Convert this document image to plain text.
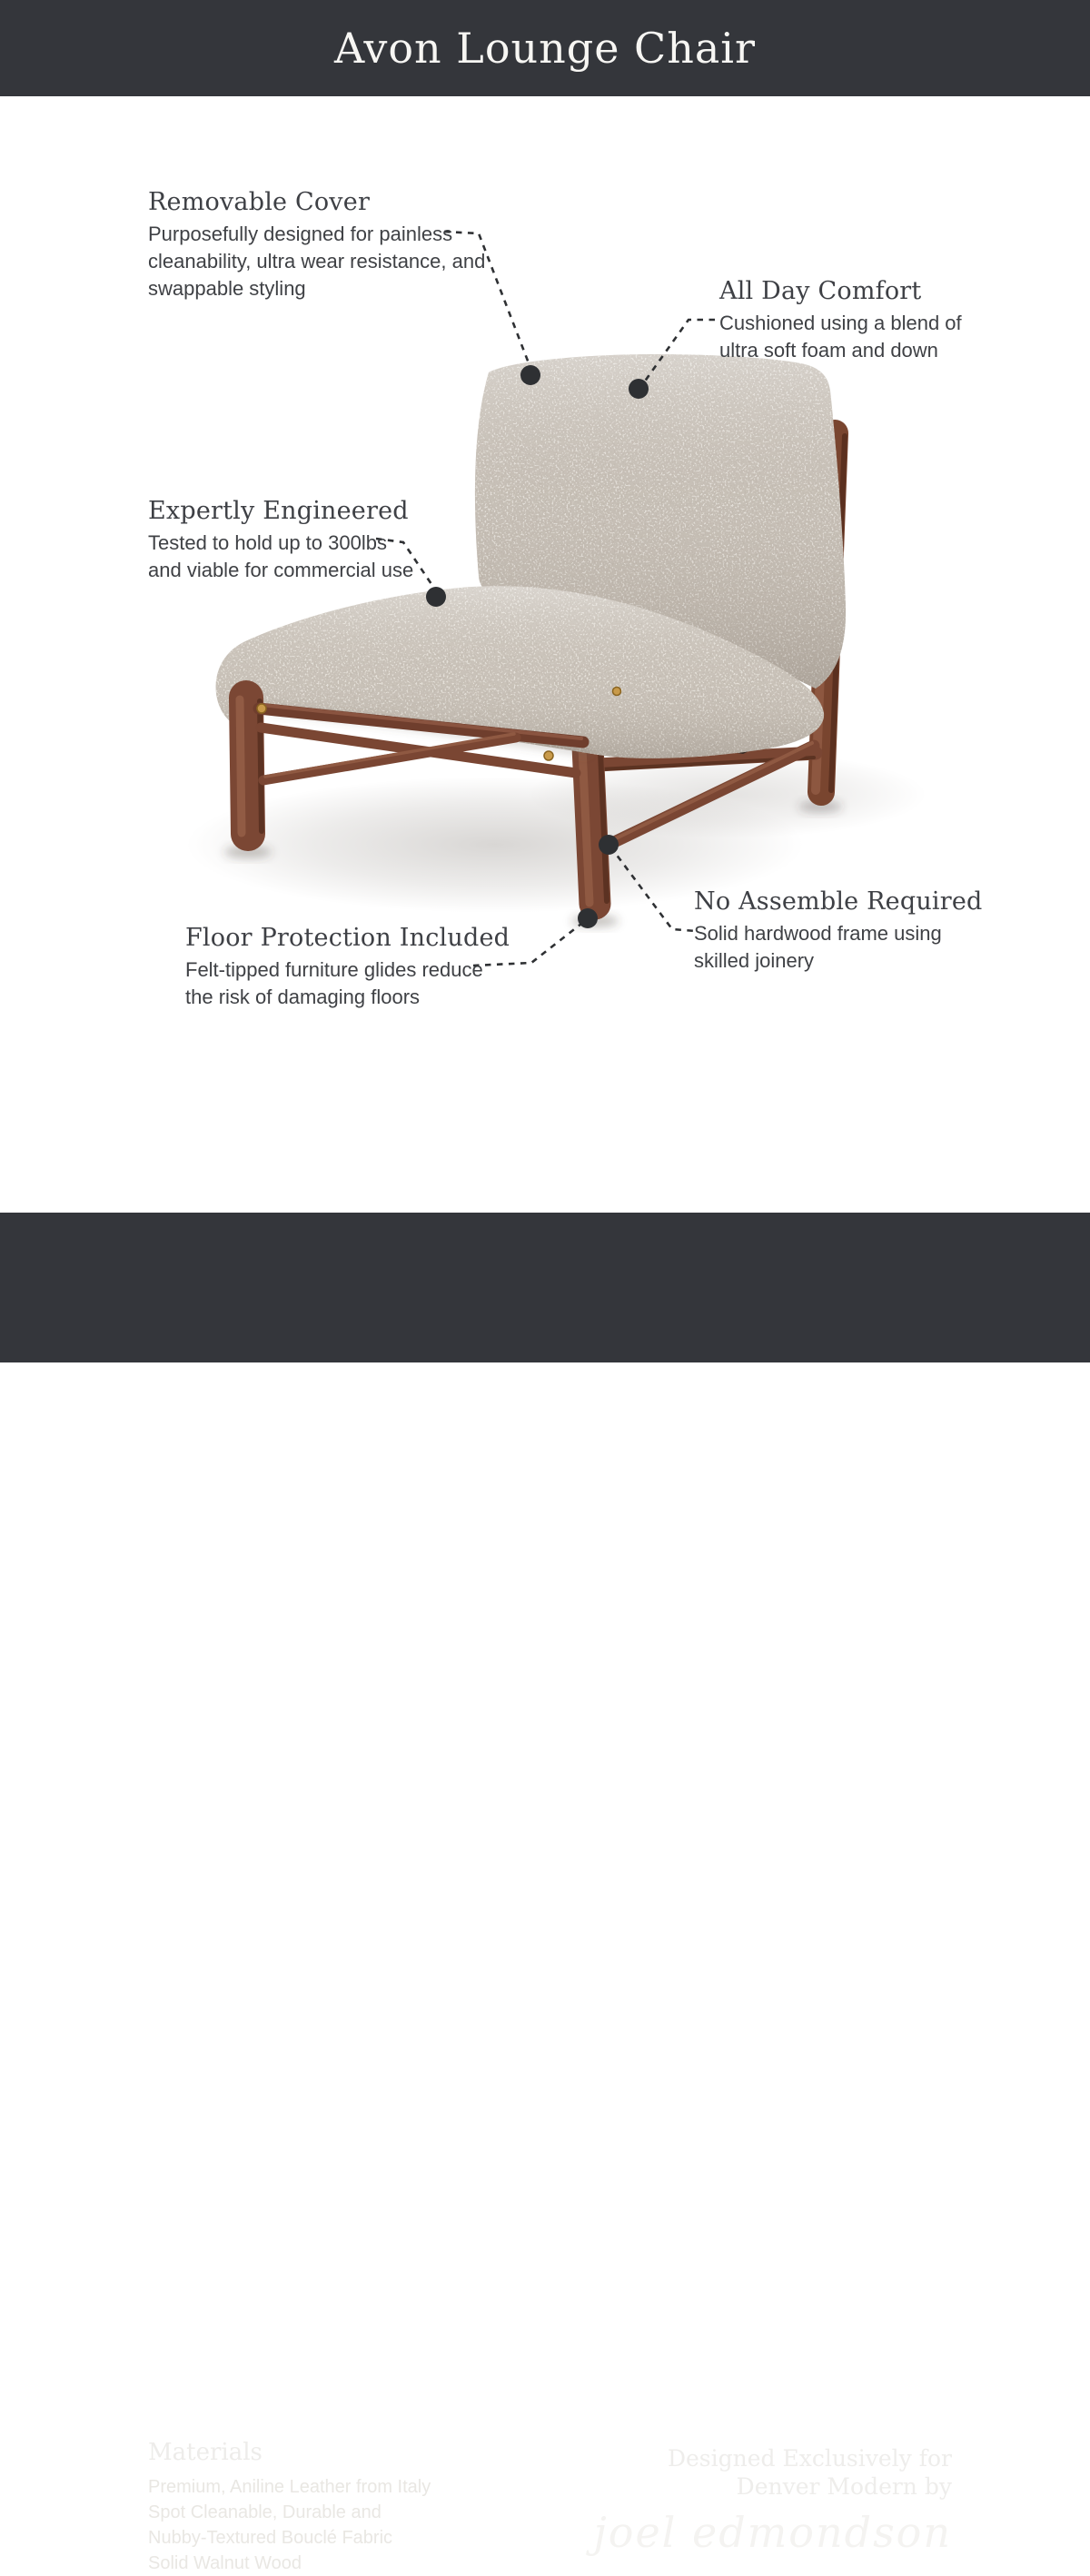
Avon Lounge Chair
Removable Cover
Purposefully designed for painless
cleanability, ultra wear resistance, and
swappable styling	All Day Comfort
Cushioned using a blend of
ultra soft foam and down
Expertly Engineered
Tested to hold up to 300lbs
and viable for commercial use
No Assemble Required
Solid hardwood frame using
skilled joinery
Floor Protection Included
Felt-tipped furniture glides reduce
the risk of damaging floors
Materials
Premium, Aniline Leather from Italy
Spot Cleanable, Durable and
Nubby-Textured Bouclé Fabric
Solid Walnut Wood
Designed Exclusively for
Denver Modern by
joel edmondson
